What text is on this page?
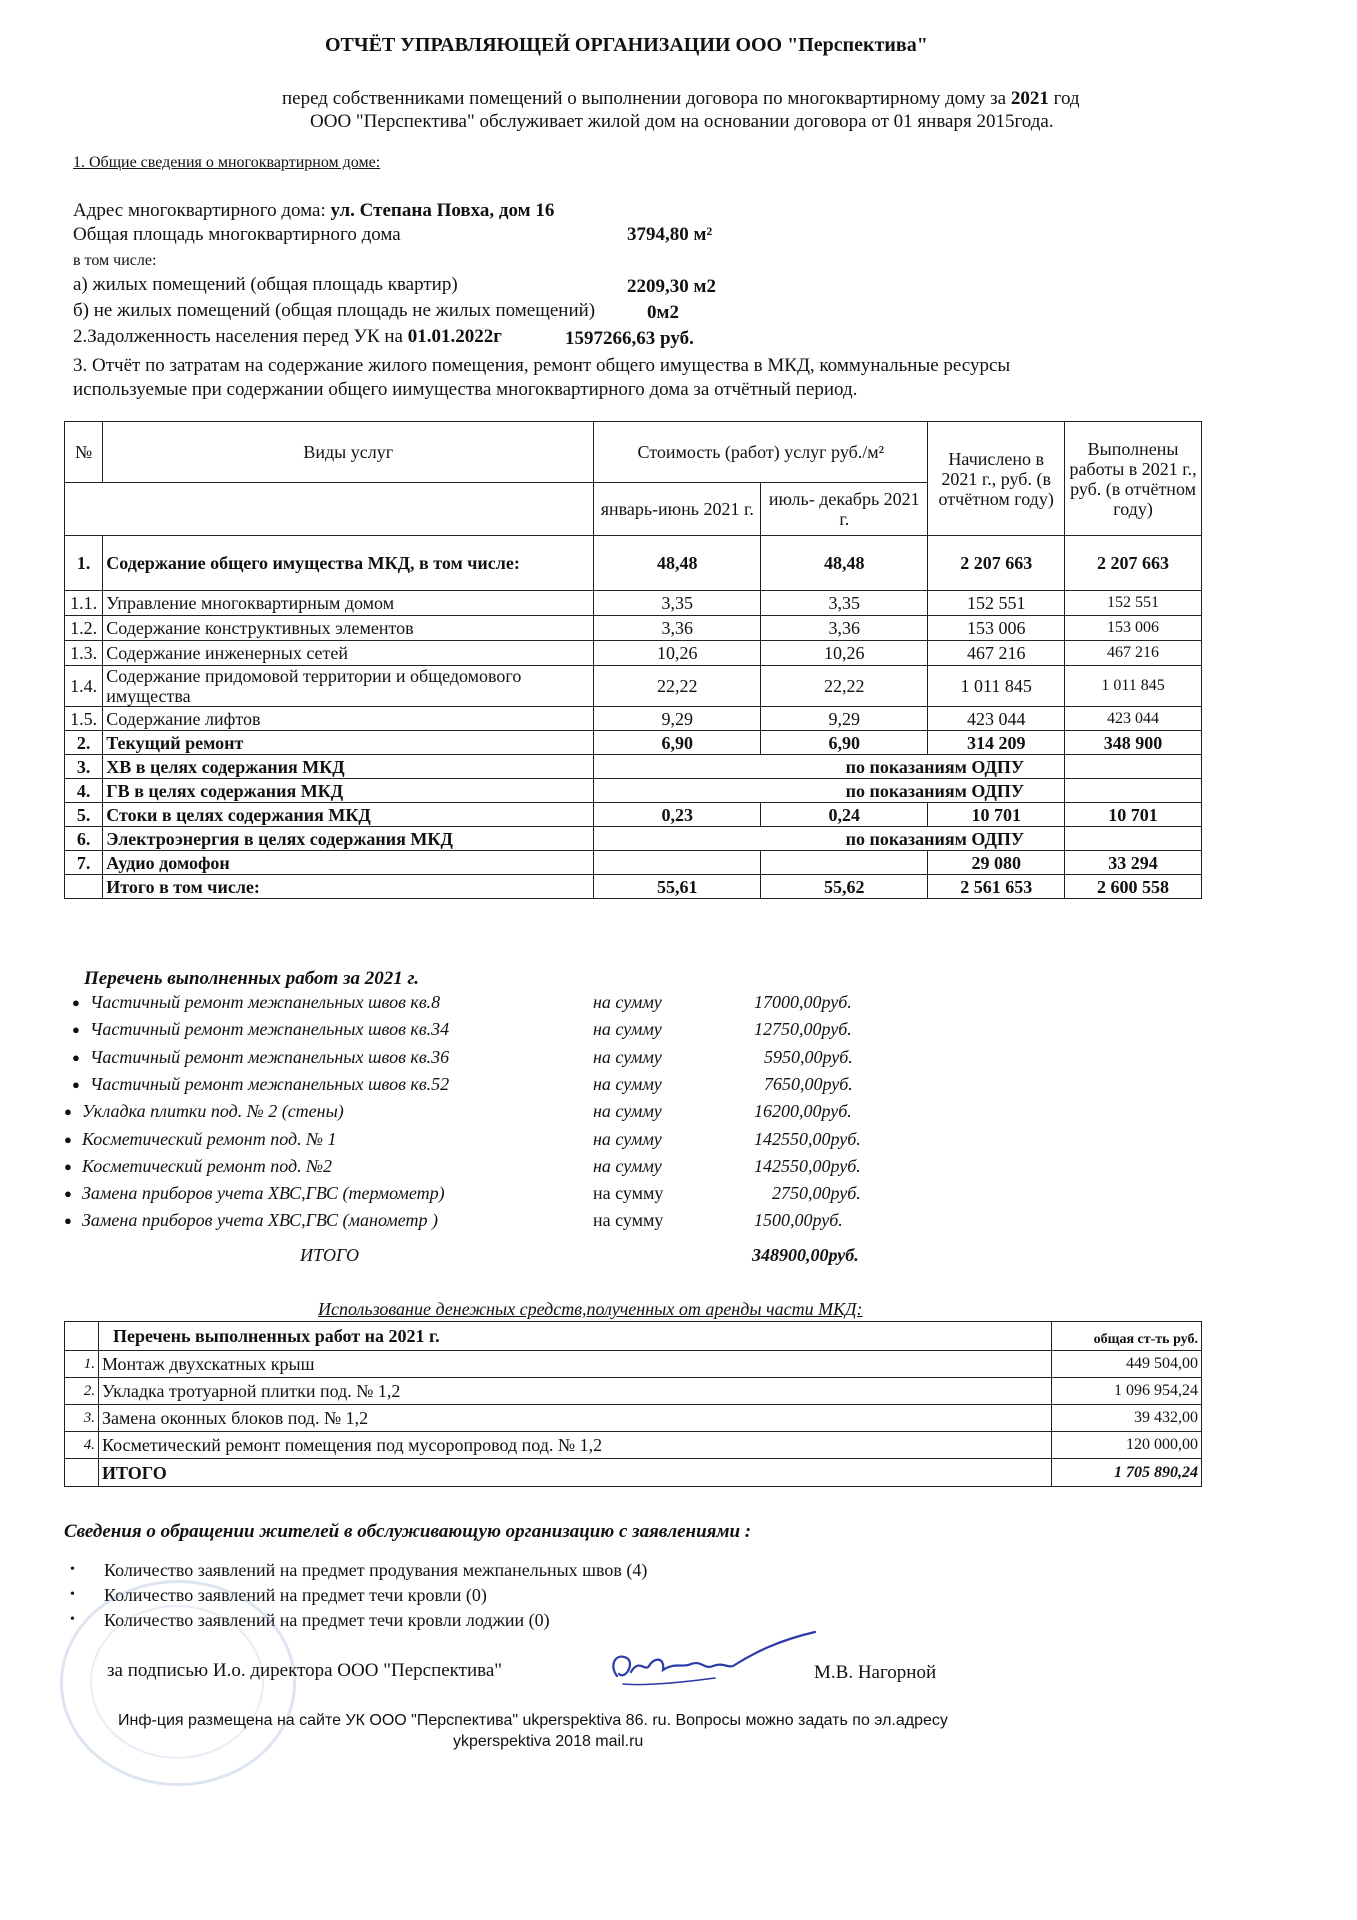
ОТЧЁТ УПРАВЛЯЮЩЕЙ ОРГАНИЗАЦИИ ООО "Перспектива"
перед собственниками помещений о выполнении договора по многоквартирному дому за 2021 год
ООО "Перспектива" обслуживает жилой дом на основании договора от 01 января 2015года.
1. Общие сведения о многоквартирном доме:
Адрес многоквартирного дома: ул. Степана Повха, дом 16
Общая площадь многоквартирного дома	3794,80 м²
в том числе:
а) жилых помещений (общая площадь квартир)	2209,30 м2
б) не жилых помещений (общая площадь не жилых помещений)	0м2
2.Задолженность населения перед УК на 01.01.2022г	1597266,63 руб.
3. Отчёт по затратам на содержание жилого помещения, ремонт общего имущества в МКД, коммунальные ресурсы
используемые при содержании общего иимущества многоквартирного дома за отчётный период.
№	Виды услуг	Стоимость (работ) услуг руб./м²		Начислено в 2021 г., руб. (в отчётном году)	Выполнены работы в 2021 г., руб. (в отчётном году)
		январь-июнь 2021 г.	июль- декабрь 2021 г.		
1.	Содержание общего имущества МКД, в том числе:	48,48	48,48	2 207 663	2 207 663
1.1.	Управление многоквартирным домом	3,35	3,35	152 551	152 551
1.2.	Содержание конструктивных элементов	3,36	3,36	153 006	153 006
1.3.	Содержание инженерных сетей	10,26	10,26	467 216	467 216
1.4.	Содержание придомовой территории и общедомового имущества	22,22	22,22	1 011 845	1 011 845
1.5.	Содержание лифтов	9,29	9,29	423 044	423 044
2.	Текущий ремонт	6,90	6,90	314 209	348 900
3.	ХВ в целях содержания МКД	по показаниям ОДПУ			
4.	ГВ в целях содержания МКД	по показаниям ОДПУ			
5.	Стоки в целях содержания МКД	0,23	0,24	10 701	10 701
6.	Электроэнергия в целях содержания МКД	по показаниям ОДПУ			
7.	Аудио домофон			29 080	33 294
	Итого в том числе:	55,61	55,62	2 561 653	2 600 558
Перечень выполненных работ за 2021 г.
● Частичный ремонт межпанельных швов кв.8	на сумму	17000,00руб.
● Частичный ремонт межпанельных швов кв.34	на сумму	12750,00руб.
● Частичный ремонт межпанельных швов кв.36	на сумму	5950,00руб.
● Частичный ремонт межпанельных швов кв.52	на сумму	7650,00руб.
● Укладка плитки под. № 2 (стены)	на сумму	16200,00руб.
● Косметический ремонт под. № 1	на сумму	142550,00руб.
● Косметический ремонт под. №2	на сумму	142550,00руб.
● Замена приборов учета ХВС,ГВС (термометр)	на сумму	2750,00руб.
● Замена приборов учета ХВС,ГВС (манометр )	на сумму	1500,00руб.
ИТОГО	348900,00руб.
Использование денежных средств,полученных от аренды части МКД:
	Перечень выполненных работ на 2021 г.	общая ст-ть руб.
1.	Монтаж двухскатных крыш	449 504,00
2.	Укладка тротуарной плитки под. № 1,2	1 096 954,24
3.	Замена оконных блоков под. № 1,2	39 432,00
4.	Косметический ремонт помещения под мусоропровод под. № 1,2	120 000,00
	ИТОГО	1 705 890,24
Сведения о обращении жителей в обслуживающую организацию с заявлениями :
• Количество заявлений на предмет продувания межпанельных швов (4)
• Количество заявлений на предмет течи кровли (0)
• Количество заявлений на предмет течи кровли лоджии (0)
за подписью И.о. директора ООО "Перспектива"	М.В. Нагорной
Инф-ция размещена на сайте УК ООО "Перспектива" ukperspektiva 86. ru. Вопросы можно задать по эл.адресу
ykperspektiva 2018 mail.ru
